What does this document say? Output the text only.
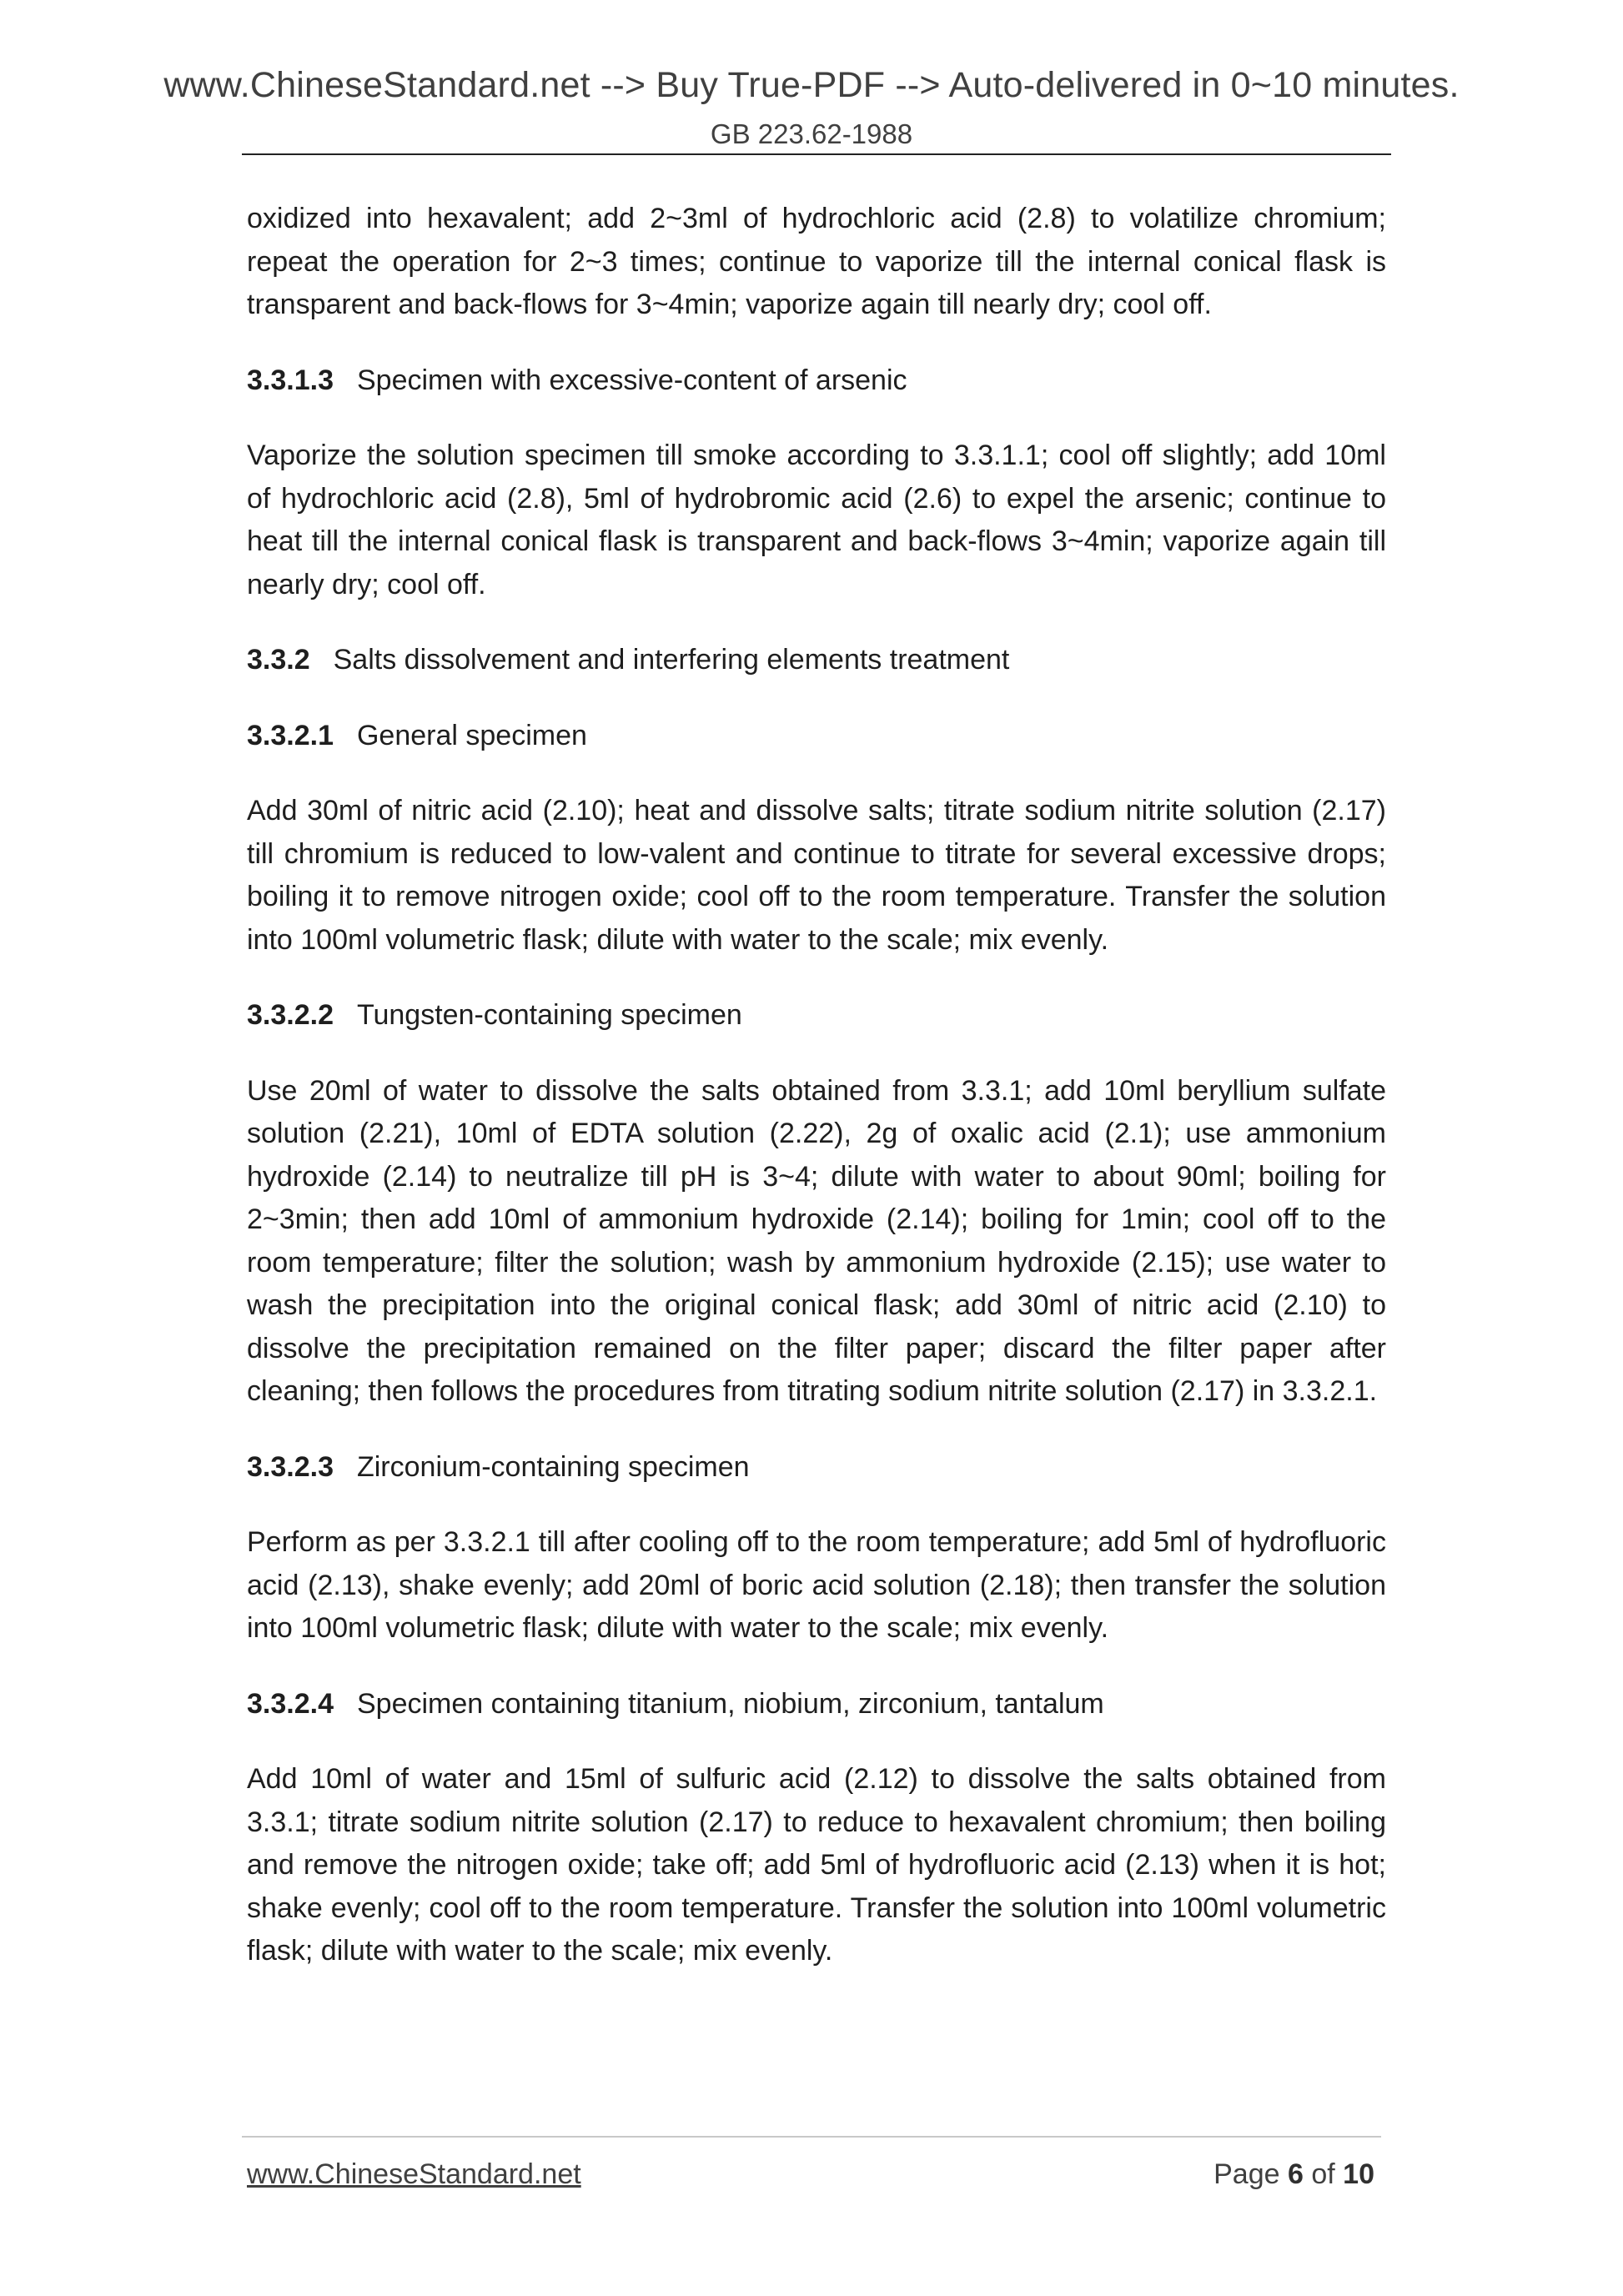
www.ChineseStandard.net --> Buy True-PDF --> Auto-delivered in 0~10 minutes.
GB 223.62-1988

oxidized into hexavalent; add 2~3ml of hydrochloric acid (2.8) to volatilize chromium; repeat the operation for 2~3 times; continue to vaporize till the internal conical flask is transparent and back-flows for 3~4min; vaporize again till nearly dry; cool off.

3.3.1.3 Specimen with excessive-content of arsenic

Vaporize the solution specimen till smoke according to 3.3.1.1; cool off slightly; add 10ml of hydrochloric acid (2.8), 5ml of hydrobromic acid (2.6) to expel the arsenic; continue to heat till the internal conical flask is transparent and back-flows 3~4min; vaporize again till nearly dry; cool off.

3.3.2 Salts dissolvement and interfering elements treatment
3.3.2.1 General specimen

Add 30ml of nitric acid (2.10); heat and dissolve salts; titrate sodium nitrite solution (2.17) till chromium is reduced to low-valent and continue to titrate for several excessive drops; boiling it to remove nitrogen oxide; cool off to the room temperature. Transfer the solution into 100ml volumetric flask; dilute with water to the scale; mix evenly.

3.3.2.2 Tungsten-containing specimen

Use 20ml of water to dissolve the salts obtained from 3.3.1; add 10ml beryllium sulfate solution (2.21), 10ml of EDTA solution (2.22), 2g of oxalic acid (2.1); use ammonium hydroxide (2.14) to neutralize till pH is 3~4; dilute with water to about 90ml; boiling for 2~3min; then add 10ml of ammonium hydroxide (2.14); boiling for 1min; cool off to the room temperature; filter the solution; wash by ammonium hydroxide (2.15); use water to wash the precipitation into the original conical flask; add 30ml of nitric acid (2.10) to dissolve the precipitation remained on the filter paper; discard the filter paper after cleaning; then follows the procedures from titrating sodium nitrite solution (2.17) in 3.3.2.1.

3.3.2.3 Zirconium-containing specimen

Perform as per 3.3.2.1 till after cooling off to the room temperature; add 5ml of hydrofluoric acid (2.13), shake evenly; add 20ml of boric acid solution (2.18); then transfer the solution into 100ml volumetric flask; dilute with water to the scale; mix evenly.

3.3.2.4 Specimen containing titanium, niobium, zirconium, tantalum

Add 10ml of water and 15ml of sulfuric acid (2.12) to dissolve the salts obtained from 3.3.1; titrate sodium nitrite solution (2.17) to reduce to hexavalent chromium; then boiling and remove the nitrogen oxide; take off; add 5ml of hydrofluoric acid (2.13) when it is hot; shake evenly; cool off to the room temperature. Transfer the solution into 100ml volumetric flask; dilute with water to the scale; mix evenly.

www.ChineseStandard.net	Page 6 of 10
